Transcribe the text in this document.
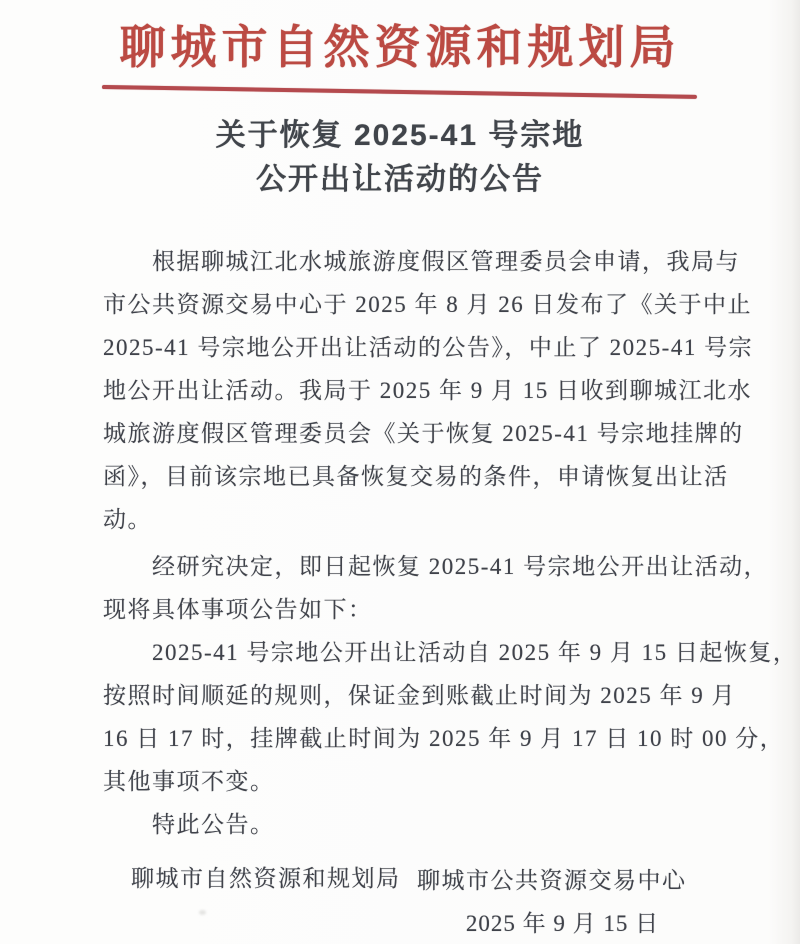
聊城市自然资源和规划局
关于恢复 2025-41 号宗地
公开出让活动的公告
根据聊城江北水城旅游度假区管理委员会申请，我局与
市公共资源交易中心于 2025 年 8 月 26 日发布了《关于中止
2025-41 号宗地公开出让活动的公告》，中止了 2025-41 号宗
地公开出让活动。我局于 2025 年 9 月 15 日收到聊城江北水
城旅游度假区管理委员会《关于恢复 2025-41 号宗地挂牌的
函》，目前该宗地已具备恢复交易的条件，申请恢复出让活
动。
经研究决定，即日起恢复 2025-41 号宗地公开出让活动，
现将具体事项公告如下：
2025-41 号宗地公开出让活动自 2025 年 9 月 15 日起恢复，
按照时间顺延的规则，保证金到账截止时间为 2025 年 9 月
16 日 17 时，挂牌截止时间为 2025 年 9 月 17 日 10 时 00 分，
其他事项不变。
特此公告。
聊城市自然资源和规划局 聊城市公共资源交易中心
2025 年 9 月 15 日
